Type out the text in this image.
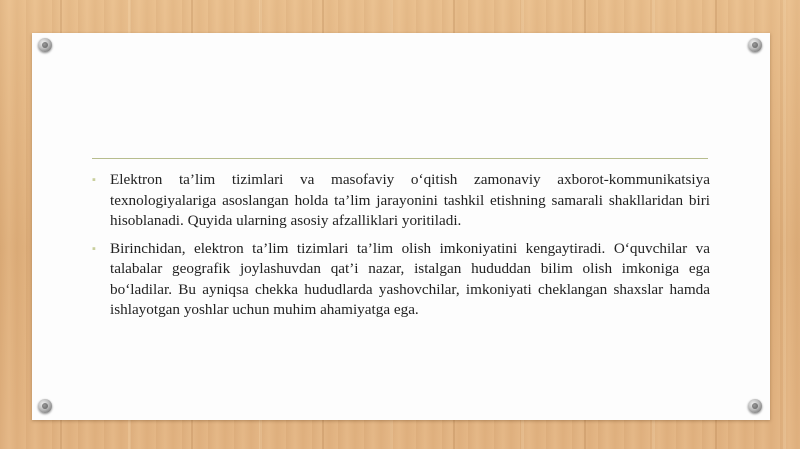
▪ Elektron ta’lim tizimlari va masofaviy oʻqitish zamonaviy axborot-kommunikatsiya texnologiyalariga asoslangan holda ta’lim jarayonini tashkil etishning samarali shakllaridan biri hisoblanadi. Quyida ularning asosiy afzalliklari yoritiladi.

▪ Birinchidan, elektron ta’lim tizimlari ta’lim olish imkoniyatini kengaytiradi. Oʻquvchilar va talabalar geografik joylashuvdan qat’i nazar, istalgan hududdan bilim olish imkoniga ega boʻladilar. Bu ayniqsa chekka hududlarda yashovchilar, imkoniyati cheklangan shaxslar hamda ishlayotgan yoshlar uchun muhim ahamiyatga ega.
